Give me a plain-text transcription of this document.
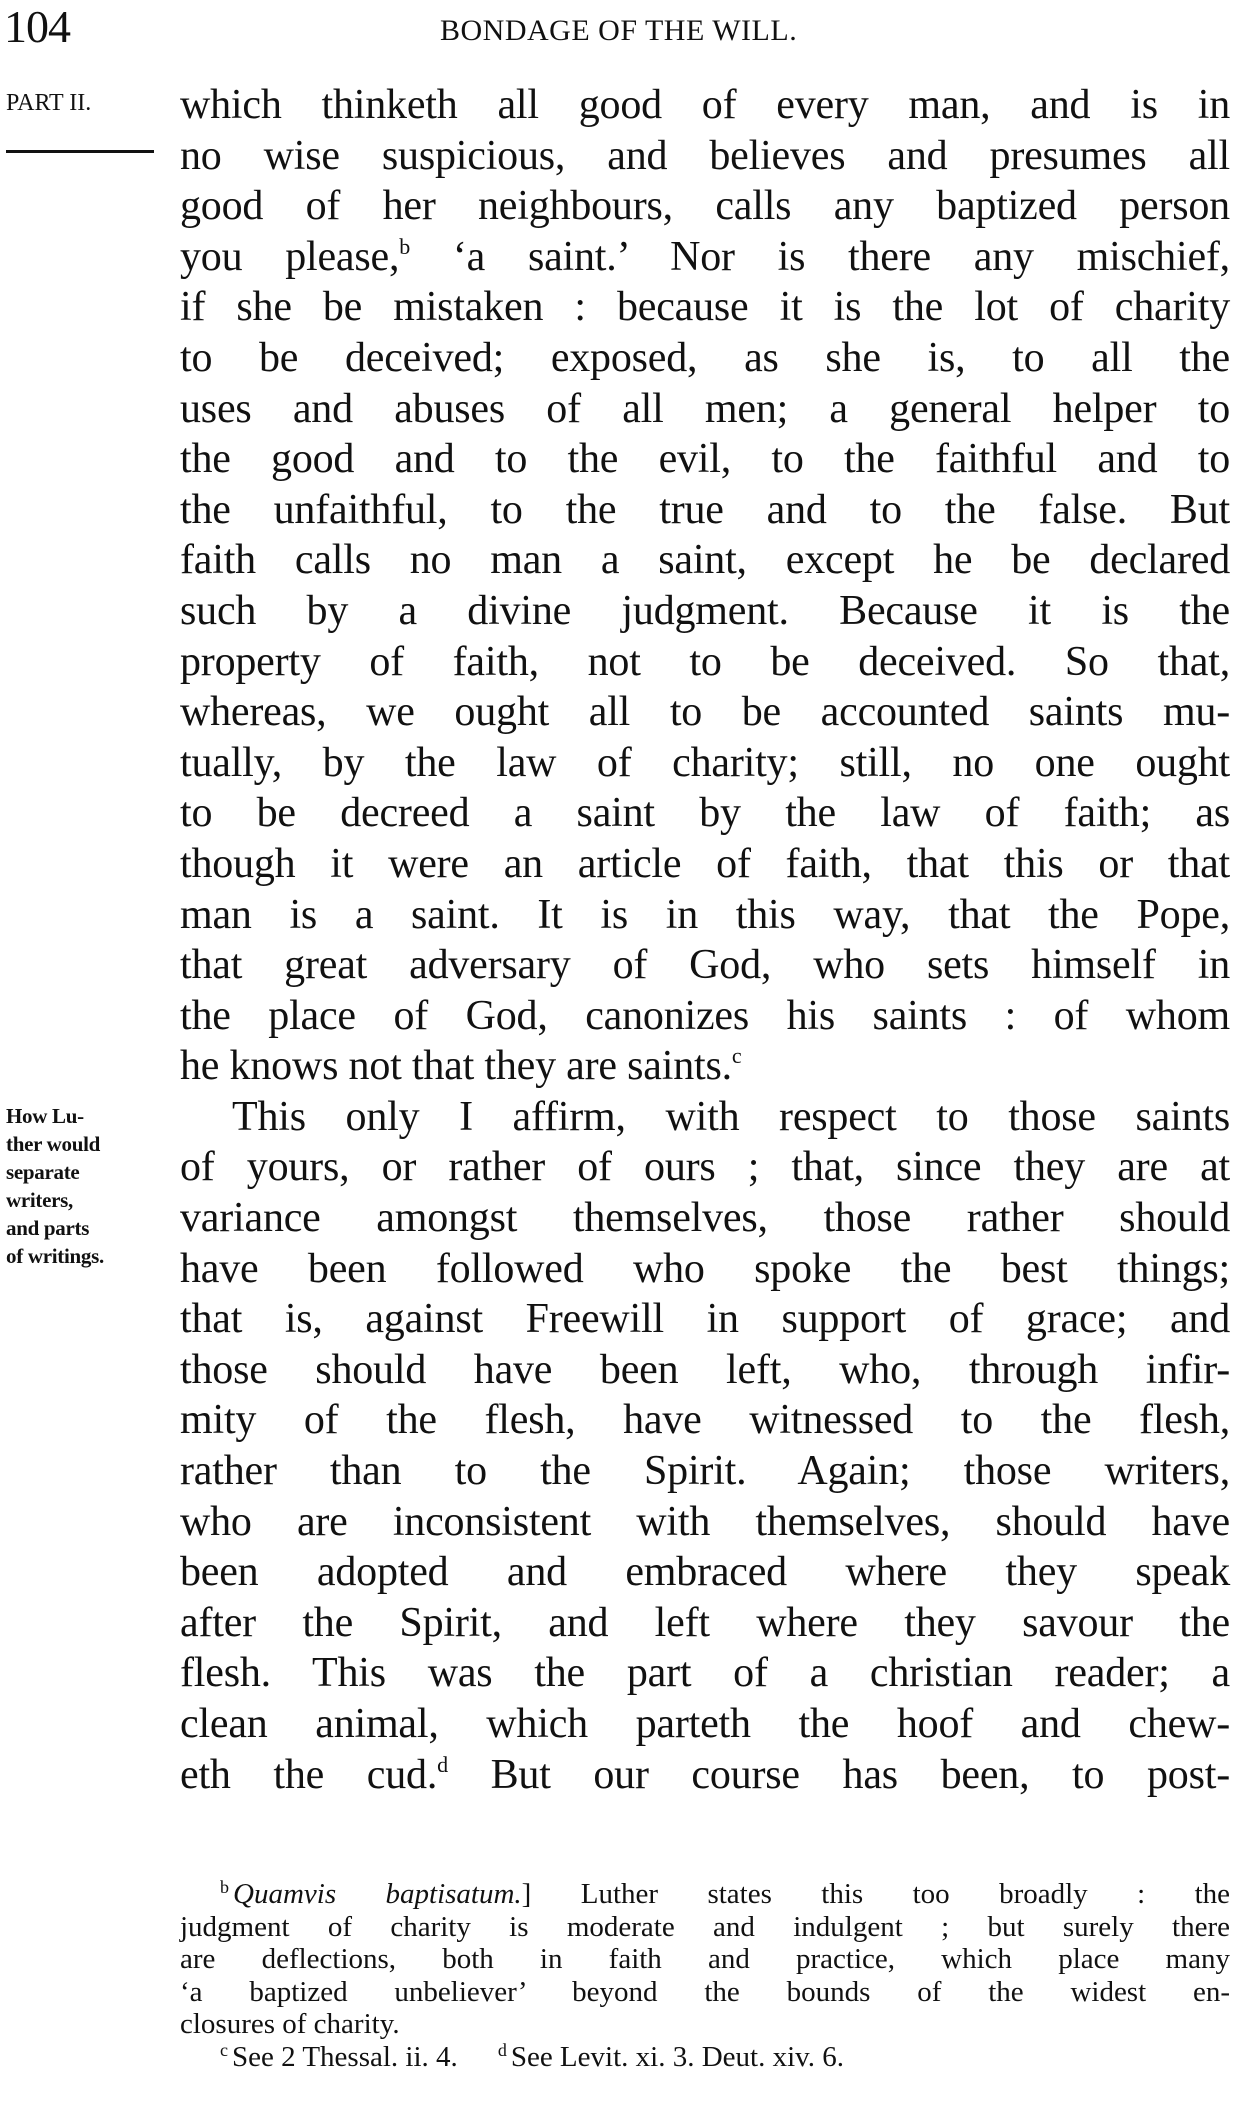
104	BONDAGE OF THE WILL.
PART II.
How Lu-
ther would
separate
writers,
and parts
of writings.
which thinketh all good of every man, and is in
no wise suspicious, and believes and presumes all
good of her neighbours, calls any baptized person
you please,$^b$ ‘a saint.’ Nor is there any mischief,
if she be mistaken : because it is the lot of charity
to be deceived; exposed, as she is, to all the
uses and abuses of all men; a general helper to
the good and to the evil, to the faithful and to
the unfaithful, to the true and to the false. But
faith calls no man a saint, except he be declared
such by a divine judgment. Because it is the
property of faith, not to be deceived. So that,
whereas, we ought all to be accounted saints mu-
tually, by the law of charity; still, no one ought
to be decreed a saint by the law of faith; as
though it were an article of faith, that this or that
man is a saint. It is in this way, that the Pope,
that great adversary of God, who sets himself in
the place of God, canonizes his saints : of whom
he knows not that they are saints.$^c$
This only I affirm, with respect to those saints
of yours, or rather of ours ; that, since they are at
variance amongst themselves, those rather should
have been followed who spoke the best things;
that is, against Freewill in support of grace; and
those should have been left, who, through infir-
mity of the flesh, have witnessed to the flesh,
rather than to the Spirit. Again; those writers,
who are inconsistent with themselves, should have
been adopted and embraced where they speak
after the Spirit, and left where they savour the
flesh. This was the part of a christian reader; a
clean animal, which parteth the hoof and chew-
eth the cud.$^d$ But our course has been, to post-
$^b$ Quamvis baptisatum.] Luther states this too broadly : the
judgment of charity is moderate and indulgent ; but surely there
are deflections, both in faith and practice, which place many
‘a baptized unbeliever’ beyond the bounds of the widest en-
closures of charity.
$^c$ See 2 Thessal. ii. 4. $^d$ See Levit. xi. 3. Deut. xiv. 6.
